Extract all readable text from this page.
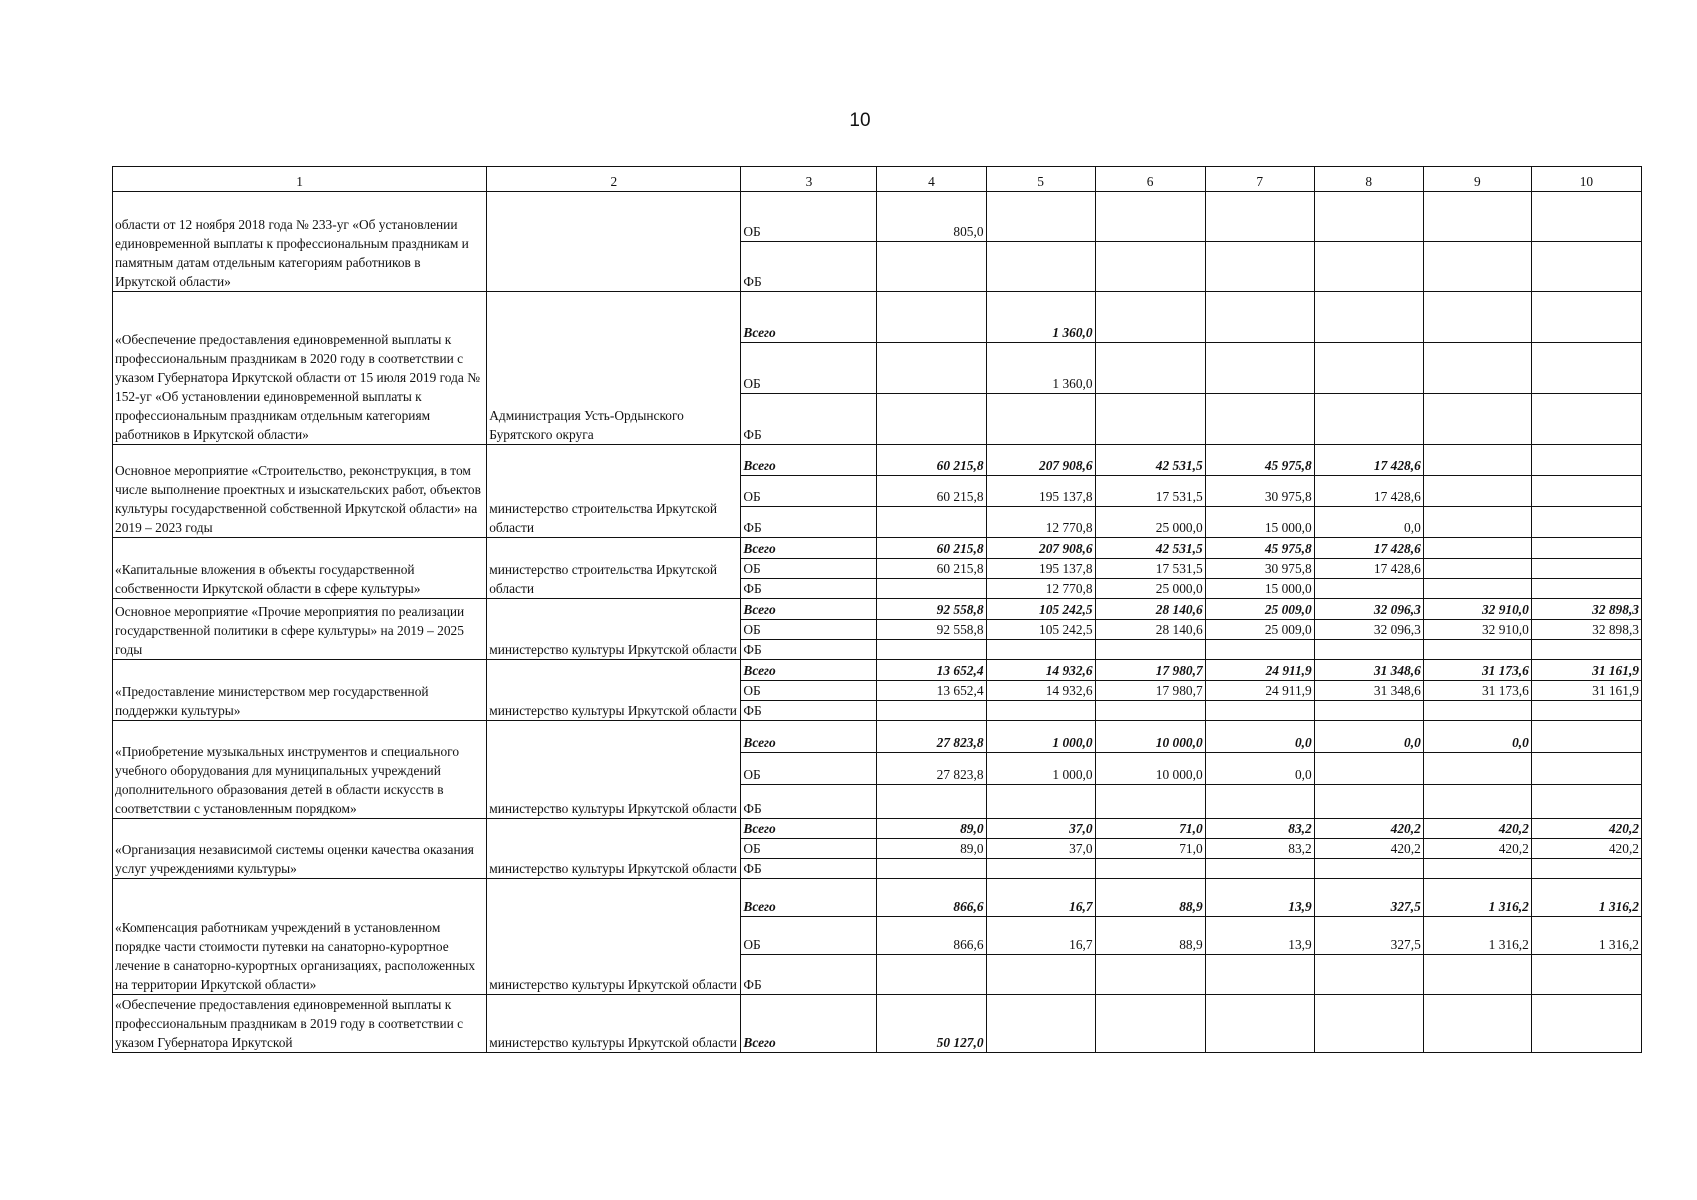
10
1	2	3	4	5	6	7	8	9	10
области от 12 ноября 2018 года № 233-уг «Об установлении единовременной выплаты к профессиональным праздникам и памятным датам отдельным категориям работников в Иркутской области»		ОБ	805,0						
		ФБ							
«Обеспечение предоставления единовременной выплаты к профессиональным праздникам в 2020 году в соответствии с указом Губернатора Иркутской области от 15 июля 2019 года № 152-уг «Об установлении единовременной выплаты к профессиональным праздникам отдельным категориям работников в Иркутской области»	Администрация Усть-Ордынского Бурятского округа	Всего		1 360,0					
		ОБ		1 360,0					
		ФБ							
Основное мероприятие «Строительство, реконструкция, в том числе выполнение проектных и изыскательских работ, объектов культуры государственной собственной Иркутской области» на 2019 – 2023 годы	министерство строительства Иркутской области	Всего	60 215,8	207 908,6	42 531,5	45 975,8	17 428,6		
		ОБ	60 215,8	195 137,8	17 531,5	30 975,8	17 428,6		
		ФБ		12 770,8	25 000,0	15 000,0	0,0		
«Капитальные вложения в объекты государственной собственности Иркутской области в сфере культуры»	министерство строительства Иркутской области	Всего	60 215,8	207 908,6	42 531,5	45 975,8	17 428,6		
		ОБ	60 215,8	195 137,8	17 531,5	30 975,8	17 428,6		
		ФБ		12 770,8	25 000,0	15 000,0			
Основное мероприятие «Прочие мероприятия по реализации государственной политики в сфере культуры» на 2019 – 2025 годы	министерство культуры Иркутской области	Всего	92 558,8	105 242,5	28 140,6	25 009,0	32 096,3	32 910,0	32 898,3
		ОБ	92 558,8	105 242,5	28 140,6	25 009,0	32 096,3	32 910,0	32 898,3
		ФБ							
«Предоставление министерством мер государственной поддержки культуры»	министерство культуры Иркутской области	Всего	13 652,4	14 932,6	17 980,7	24 911,9	31 348,6	31 173,6	31 161,9
		ОБ	13 652,4	14 932,6	17 980,7	24 911,9	31 348,6	31 173,6	31 161,9
		ФБ							
«Приобретение музыкальных инструментов и специального учебного оборудования для муниципальных учреждений дополнительного образования детей в области искусств в соответствии с установленным порядком»	министерство культуры Иркутской области	Всего	27 823,8	1 000,0	10 000,0	0,0	0,0	0,0	
		ОБ	27 823,8	1 000,0	10 000,0	0,0			
		ФБ							
«Организация независимой системы оценки качества оказания услуг учреждениями культуры»	министерство культуры Иркутской области	Всего	89,0	37,0	71,0	83,2	420,2	420,2	420,2
		ОБ	89,0	37,0	71,0	83,2	420,2	420,2	420,2
		ФБ							
«Компенсация работникам учреждений в установленном порядке части стоимости путевки на санаторно-курортное лечение в санаторно-курортных организациях, расположенных на территории Иркутской области»	министерство культуры Иркутской области	Всего	866,6	16,7	88,9	13,9	327,5	1 316,2	1 316,2
		ОБ	866,6	16,7	88,9	13,9	327,5	1 316,2	1 316,2
		ФБ							
«Обеспечение предоставления единовременной выплаты к профессиональным праздникам в 2019 году в соответствии с указом Губернатора Иркутской	министерство культуры Иркутской области	Всего	50 127,0						
